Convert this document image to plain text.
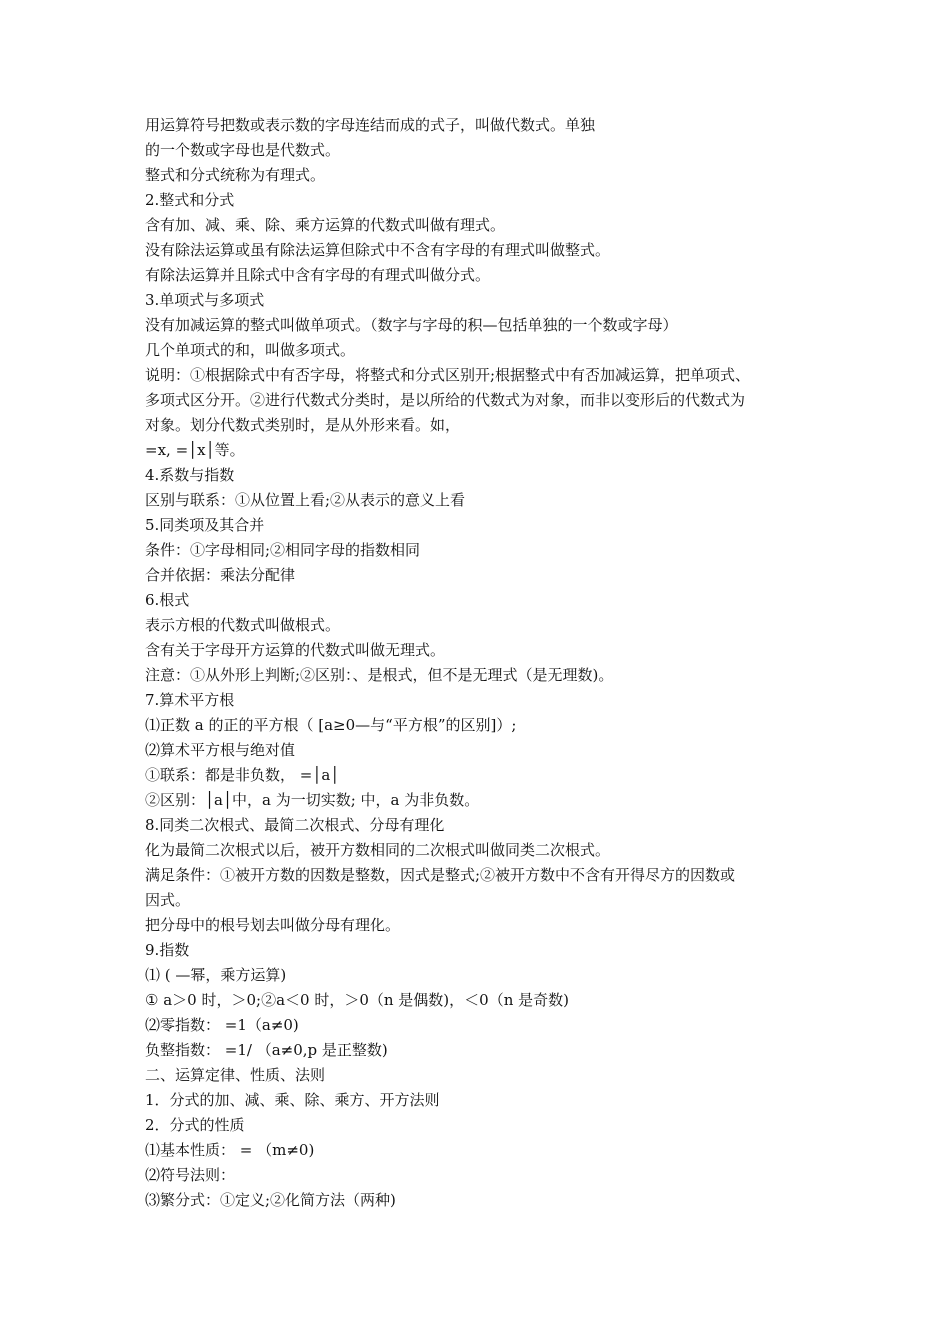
用运算符号把数或表示数的字母连结而成的式子，叫做代数式。单独
的一个数或字母也是代数式。
整式和分式统称为有理式。
2.整式和分式
含有加、减、乘、除、乘方运算的代数式叫做有理式。
没有除法运算或虽有除法运算但除式中不含有字母的有理式叫做整式。
有除法运算并且除式中含有字母的有理式叫做分式。
3.单项式与多项式
没有加减运算的整式叫做单项式。（数字与字母的积—包括单独的一个数或字母）
几个单项式的和，叫做多项式。
说明：①根据除式中有否字母，将整式和分式区别开;根据整式中有否加减运算，把单项式、
多项式区分开。②进行代数式分类时，是以所给的代数式为对象，而非以变形后的代数式为
对象。划分代数式类别时，是从外形来看。如，
=x, =│x│等。
4.系数与指数
区别与联系：①从位置上看;②从表示的意义上看
5.同类项及其合并
条件：①字母相同;②相同字母的指数相同
合并依据：乘法分配律
6.根式
表示方根的代数式叫做根式。
含有关于字母开方运算的代数式叫做无理式。
注意：①从外形上判断;②区别：、是根式，但不是无理式（是无理数)。
7.算术平方根
⑴正数 a 的正的平方根（ [a≥0—与“平方根”的区别]）;
⑵算术平方根与绝对值
①联系：都是非负数， =│a│
②区别：│a│中，a 为一切实数; 中，a 为非负数。
8.同类二次根式、最简二次根式、分母有理化
化为最简二次根式以后，被开方数相同的二次根式叫做同类二次根式。
满足条件：①被开方数的因数是整数，因式是整式;②被开方数中不含有开得尽方的因数或
因式。
把分母中的根号划去叫做分母有理化。
9.指数
⑴ ( —幂，乘方运算)
① a＞0 时，＞0;②a＜0 时，＞0（n 是偶数)，＜0（n 是奇数)
⑵零指数： =1（a≠0)
负整指数： =1/ （a≠0,p 是正整数)
二、运算定律、性质、法则
1．分式的加、减、乘、除、乘方、开方法则
2．分式的性质
⑴基本性质： = （m≠0)
⑵符号法则：
⑶繁分式：①定义;②化简方法（两种)
